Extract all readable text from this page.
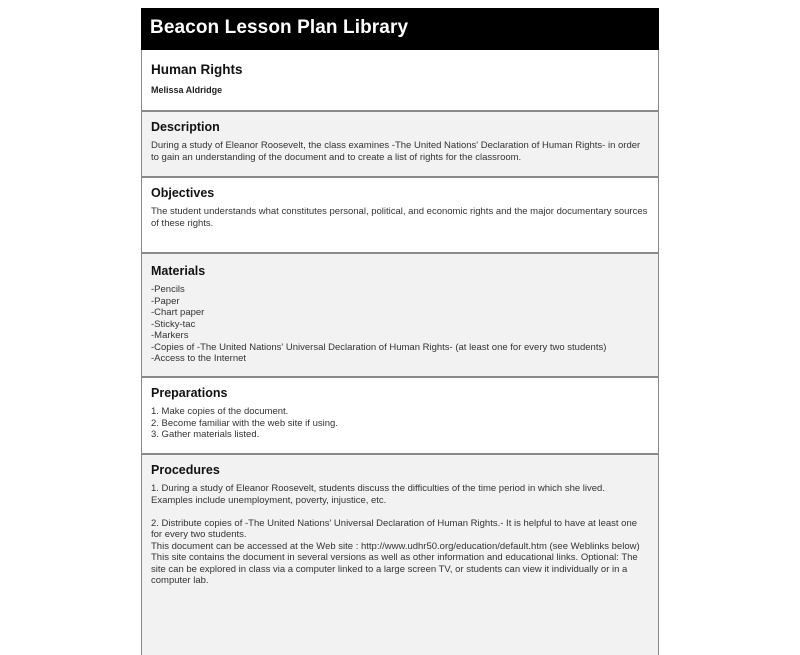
Beacon Lesson Plan Library
Human Rights
Melissa Aldridge
Description
During a study of Eleanor Roosevelt, the class examines -The United Nations' Declaration of Human Rights- in order to gain an understanding of the document and to create a list of rights for the classroom.
Objectives
The student understands what constitutes personal, political, and economic rights and the major documentary sources of these rights.
Materials
-Pencils
-Paper
-Chart paper
-Sticky-tac
-Markers
-Copies of -The United Nations' Universal Declaration of Human Rights- (at least one for every two students)
-Access to the Internet
Preparations
1. Make copies of the document.
2. Become familiar with the web site if using.
3. Gather materials listed.
Procedures
1. During a study of Eleanor Roosevelt, students discuss the difficulties of the time period in which she lived. Examples include unemployment, poverty, injustice, etc.
2. Distribute copies of -The United Nations' Universal Declaration of Human Rights.- It is helpful to have at least one for every two students.
This document can be accessed at the Web site : http://www.udhr50.org/education/default.htm (see Weblinks below)
This site contains the document in several versions as well as other information and educational links. Optional: The site can be explored in class via a computer linked to a large screen TV, or students can view it individually or in a computer lab.
